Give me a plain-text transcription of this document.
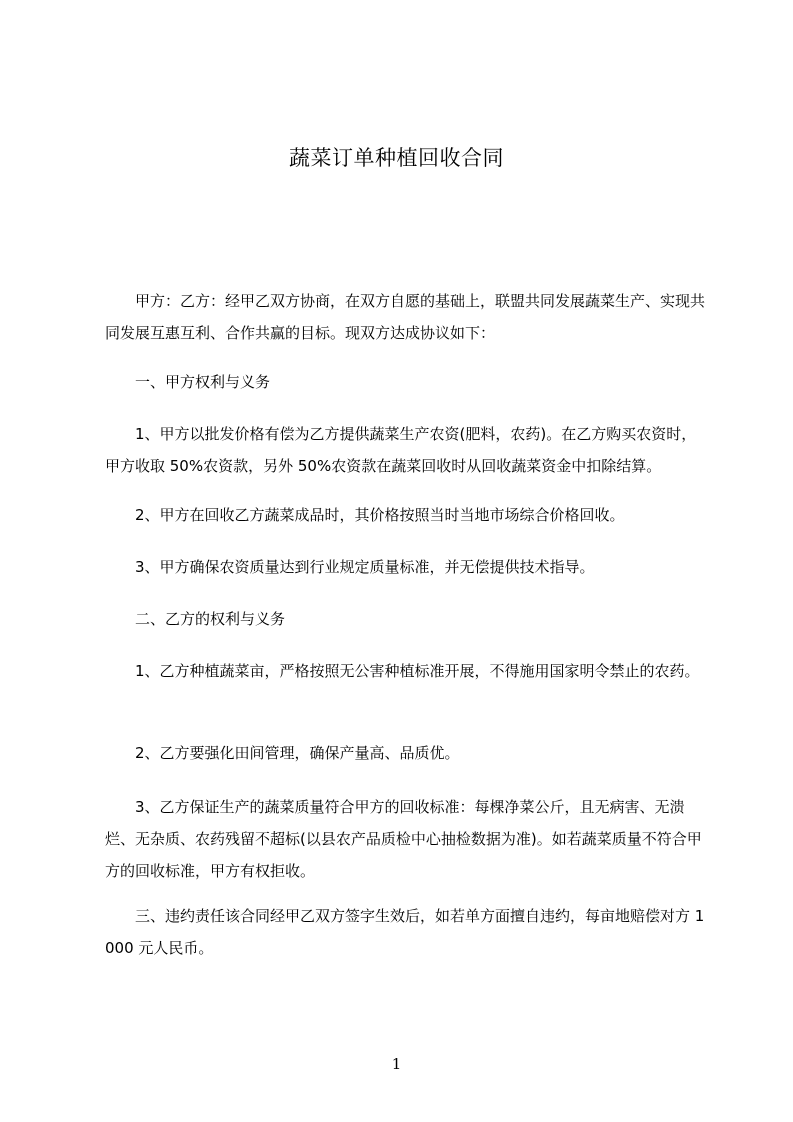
蔬菜订单种植回收合同
甲方：乙方：经甲乙双方协商，在双方自愿的基础上，联盟共同发展蔬菜生产、实现共同发展互惠互利、合作共赢的目标。现双方达成协议如下：
一、甲方权利与义务
1、甲方以批发价格有偿为乙方提供蔬菜生产农资(肥料，农药)。在乙方购买农资时，甲方收取 50%农资款，另外 50%农资款在蔬菜回收时从回收蔬菜资金中扣除结算。
2、甲方在回收乙方蔬菜成品时，其价格按照当时当地市场综合价格回收。
3、甲方确保农资质量达到行业规定质量标准，并无偿提供技术指导。
二、乙方的权利与义务
1、乙方种植蔬菜亩，严格按照无公害种植标准开展，不得施用国家明令禁止的农药。
2、乙方要强化田间管理，确保产量高、品质优。
3、乙方保证生产的蔬菜质量符合甲方的回收标准：每棵净菜公斤，且无病害、无溃烂、无杂质、农药残留不超标(以县农产品质检中心抽检数据为准)。如若蔬菜质量不符合甲方的回收标准，甲方有权拒收。
三、违约责任该合同经甲乙双方签字生效后，如若单方面擅自违约，每亩地赔偿对方 1000 元人民币。
1
